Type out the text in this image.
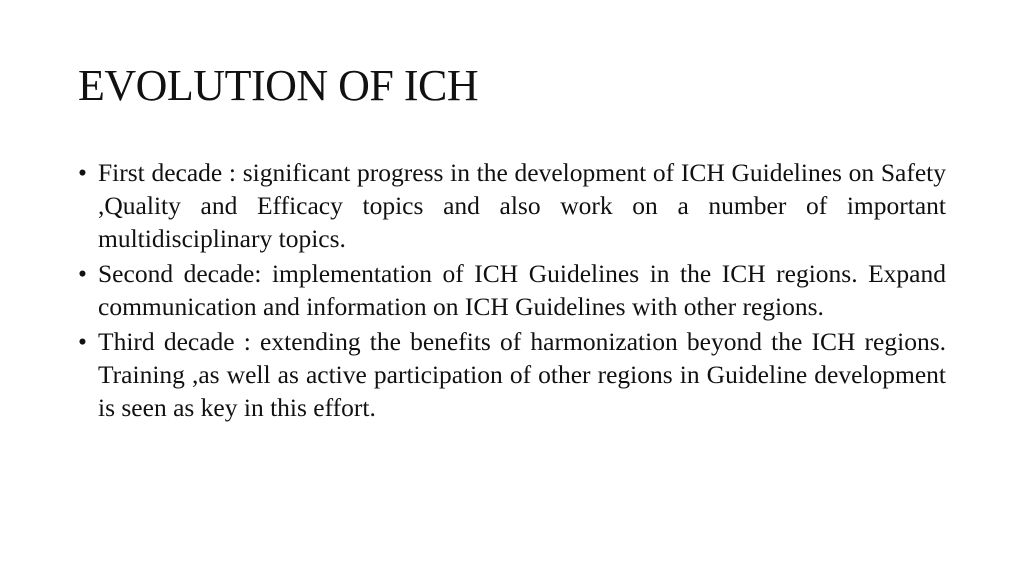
EVOLUTION OF ICH
• First decade : significant progress in the development of ICH Guidelines on Safety ,Quality and Efficacy topics and also work on a number of important multidisciplinary topics.
• Second decade: implementation of ICH Guidelines in the ICH regions. Expand communication and information on ICH Guidelines with other regions.
• Third decade : extending the benefits of harmonization beyond the ICH regions. Training ,as well as active participation of other regions in Guideline development is seen as key in this effort.
